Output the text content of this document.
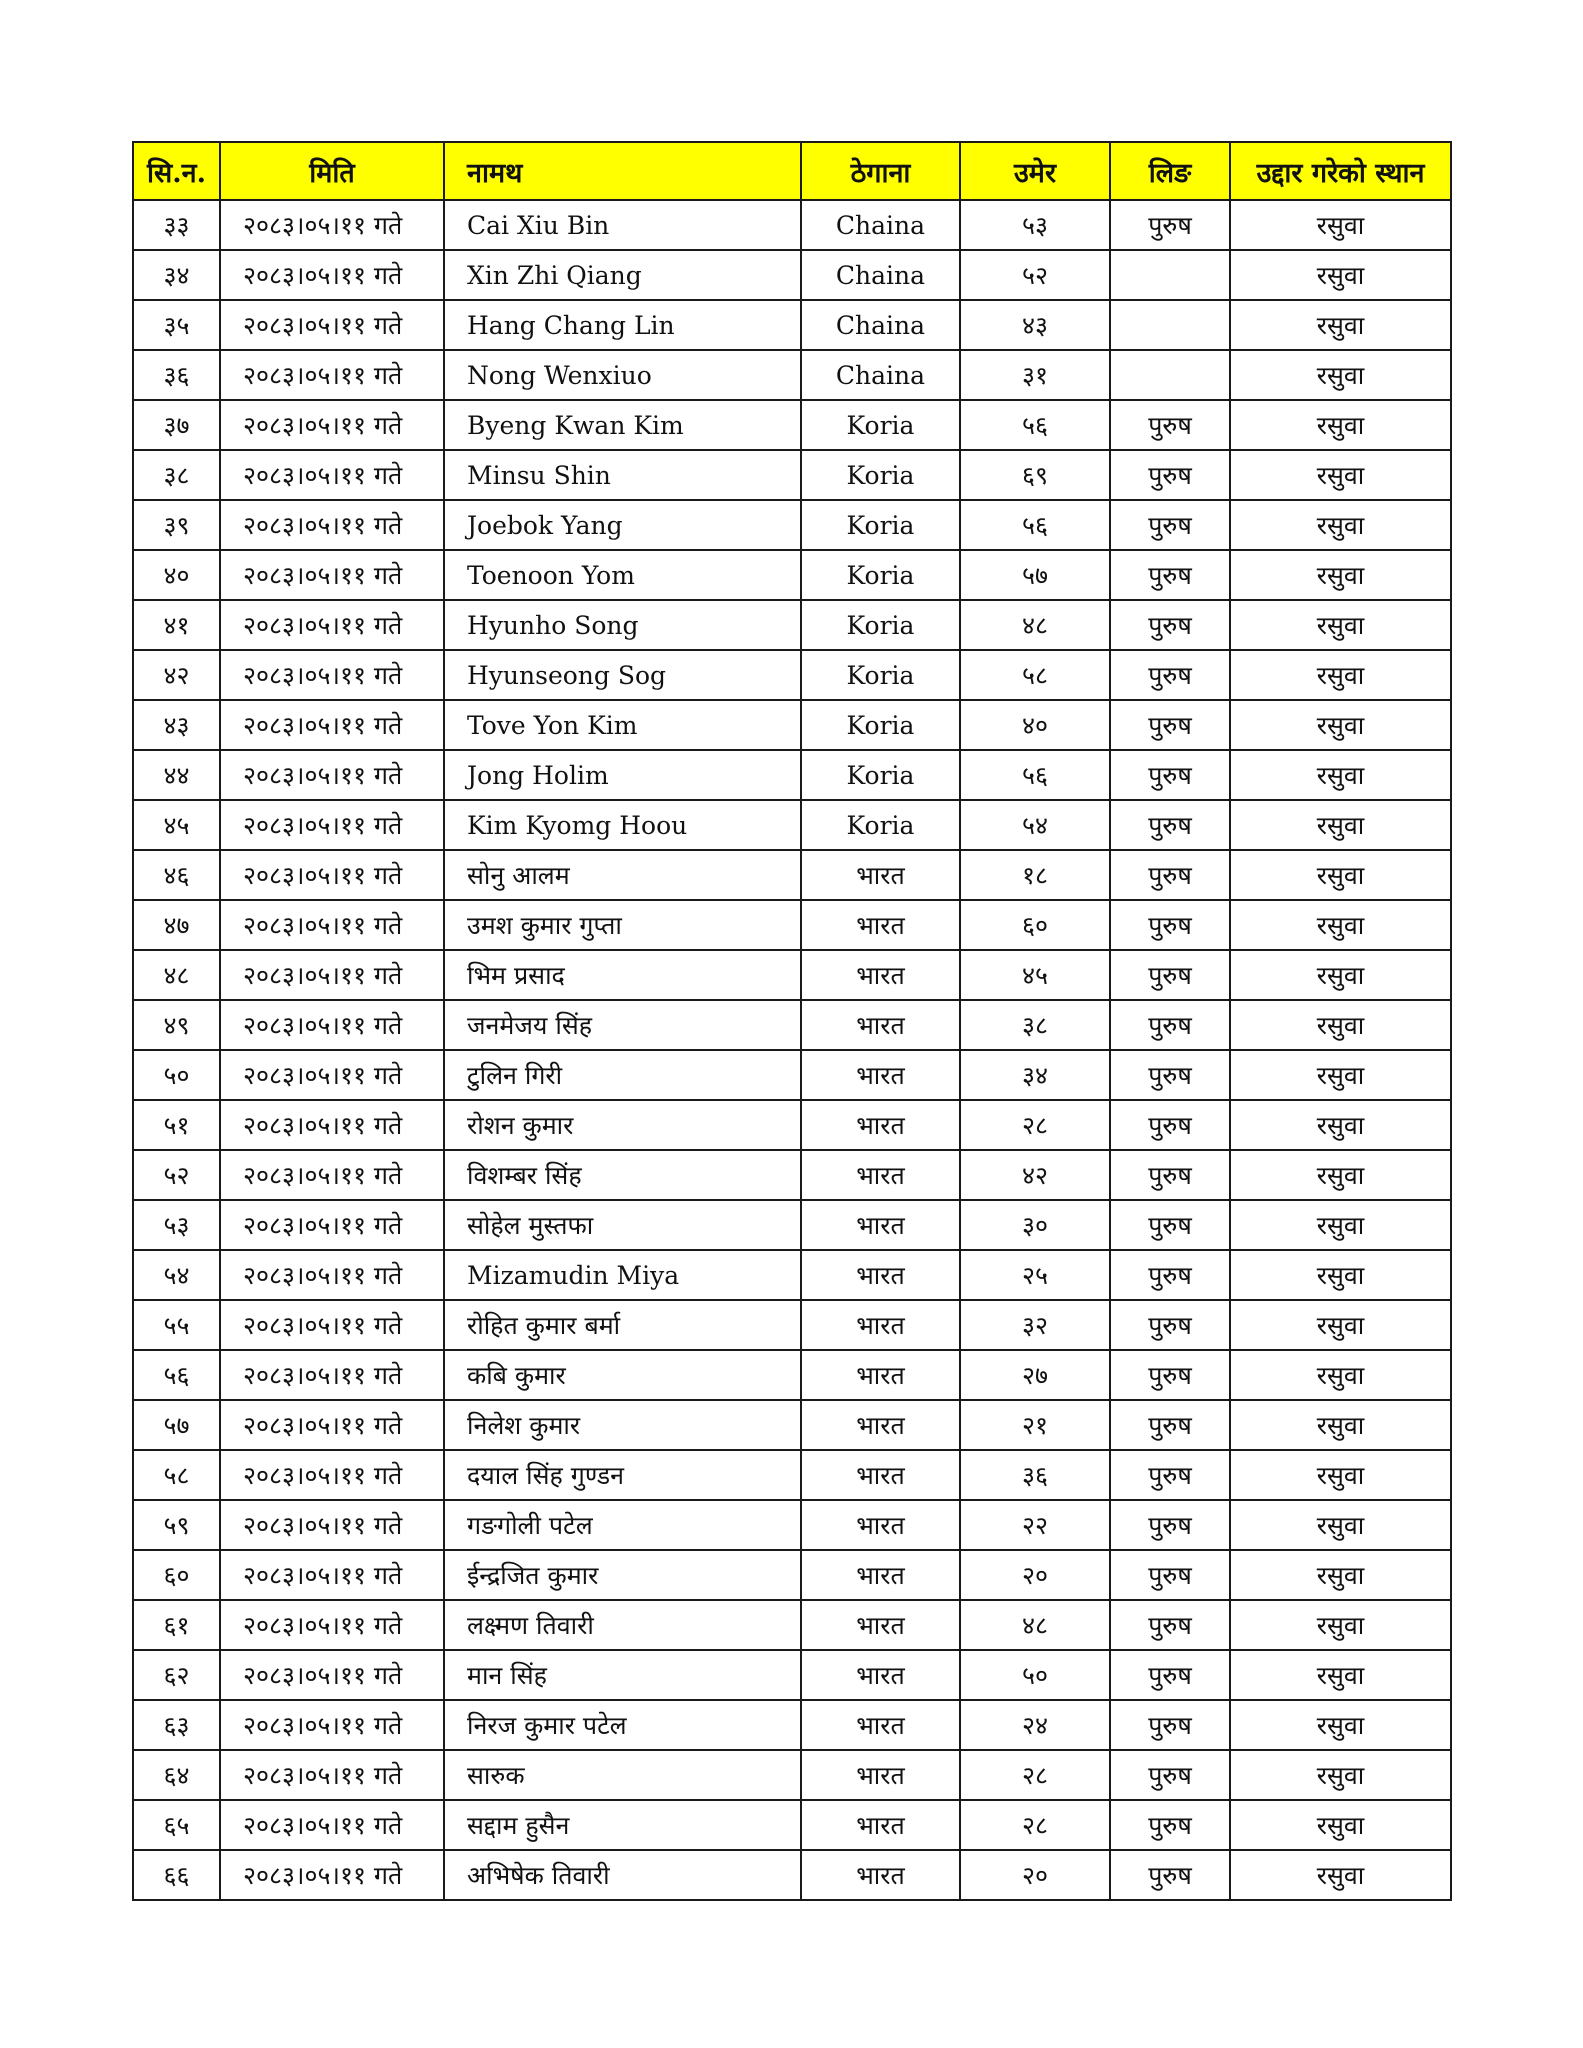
सि.न.	मिति	नामथ	ठेगाना	उमेर	लिङ	उद्दार गरेको स्थान
३३	२०८३।०५।११ गते	Cai Xiu Bin	Chaina	५३	पुरुष	रसुवा
३४	२०८३।०५।११ गते	Xin Zhi Qiang	Chaina	५२		रसुवा
३५	२०८३।०५।११ गते	Hang Chang Lin	Chaina	४३		रसुवा
३६	२०८३।०५।११ गते	Nong Wenxiuo	Chaina	३१		रसुवा
३७	२०८३।०५।११ गते	Byeng Kwan Kim	Koria	५६	पुरुष	रसुवा
३८	२०८३।०५।११ गते	Minsu Shin	Koria	६९	पुरुष	रसुवा
३९	२०८३।०५।११ गते	Joebok Yang	Koria	५६	पुरुष	रसुवा
४०	२०८३।०५।११ गते	Toenoon Yom	Koria	५७	पुरुष	रसुवा
४१	२०८३।०५।११ गते	Hyunho Song	Koria	४८	पुरुष	रसुवा
४२	२०८३।०५।११ गते	Hyunseong Sog	Koria	५८	पुरुष	रसुवा
४३	२०८३।०५।११ गते	Tove Yon Kim	Koria	४०	पुरुष	रसुवा
४४	२०८३।०५।११ गते	Jong Holim	Koria	५६	पुरुष	रसुवा
४५	२०८३।०५।११ गते	Kim Kyomg Hoou	Koria	५४	पुरुष	रसुवा
४६	२०८३।०५।११ गते	सोनु आलम	भारत	१८	पुरुष	रसुवा
४७	२०८३।०५।११ गते	उमश कुमार गुप्ता	भारत	६०	पुरुष	रसुवा
४८	२०८३।०५।११ गते	भिम प्रसाद	भारत	४५	पुरुष	रसुवा
४९	२०८३।०५।११ गते	जनमेजय सिंह	भारत	३८	पुरुष	रसुवा
५०	२०८३।०५।११ गते	टुलिन गिरी	भारत	३४	पुरुष	रसुवा
५१	२०८३।०५।११ गते	रोशन कुमार	भारत	२८	पुरुष	रसुवा
५२	२०८३।०५।११ गते	विशम्बर सिंह	भारत	४२	पुरुष	रसुवा
५३	२०८३।०५।११ गते	सोहेल मुस्तफा	भारत	३०	पुरुष	रसुवा
५४	२०८३।०५।११ गते	Mizamudin Miya	भारत	२५	पुरुष	रसुवा
५५	२०८३।०५।११ गते	रोहित कुमार बर्मा	भारत	३२	पुरुष	रसुवा
५६	२०८३।०५।११ गते	कबि कुमार	भारत	२७	पुरुष	रसुवा
५७	२०८३।०५।११ गते	निलेश कुमार	भारत	२१	पुरुष	रसुवा
५८	२०८३।०५।११ गते	दयाल सिंह गुण्डन	भारत	३६	पुरुष	रसुवा
५९	२०८३।०५।११ गते	गङगोली पटेल	भारत	२२	पुरुष	रसुवा
६०	२०८३।०५।११ गते	ईन्द्रजित कुमार	भारत	२०	पुरुष	रसुवा
६१	२०८३।०५।११ गते	लक्ष्मण तिवारी	भारत	४८	पुरुष	रसुवा
६२	२०८३।०५।११ गते	मान सिंह	भारत	५०	पुरुष	रसुवा
६३	२०८३।०५।११ गते	निरज कुमार पटेल	भारत	२४	पुरुष	रसुवा
६४	२०८३।०५।११ गते	सारुक	भारत	२८	पुरुष	रसुवा
६५	२०८३।०५।११ गते	सद्दाम हुसैन	भारत	२८	पुरुष	रसुवा
६६	२०८३।०५।११ गते	अभिषेक तिवारी	भारत	२०	पुरुष	रसुवा
